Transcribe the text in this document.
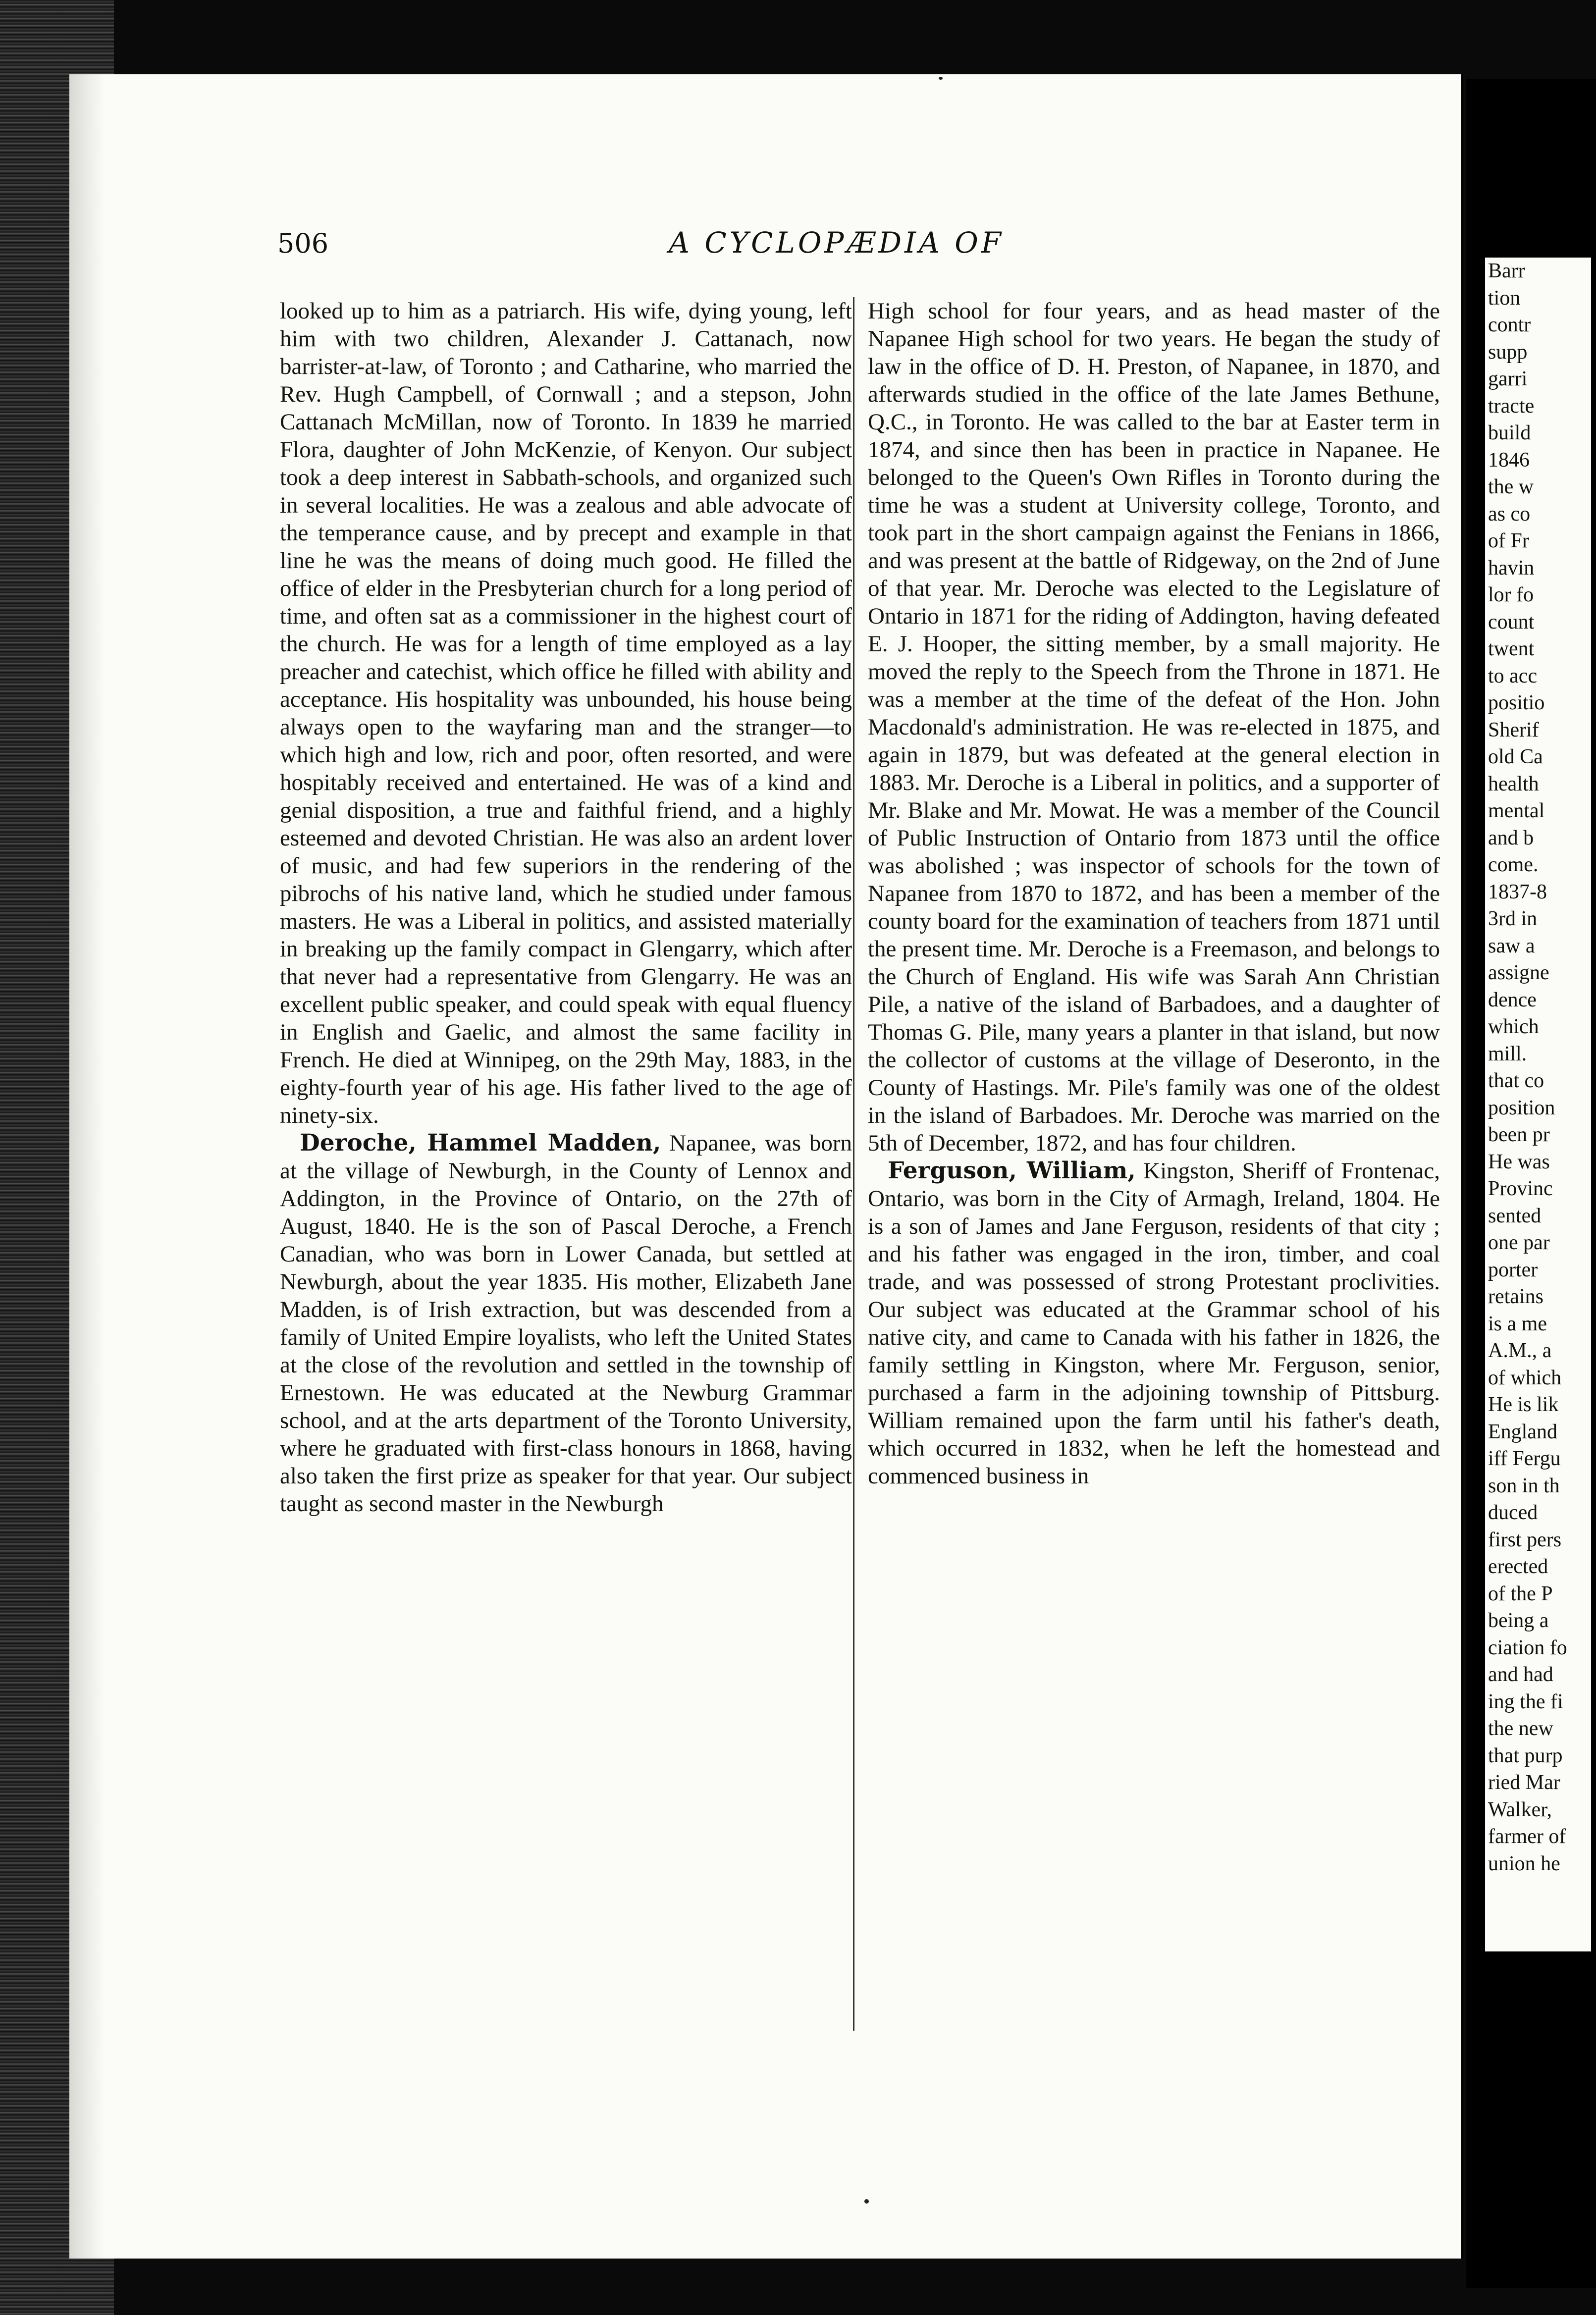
Barr
tion
contr
supp
garri
tracte
build
1846
the w
as co
of Fr
havin
lor fo
count
twent
to acc
positio
Sherif
old Ca
health
mental
and b
come.
1837-8
3rd in
saw a
assigne
dence
which
mill.
that co
position
been pr
He was
Provinc
sented
one par
porter
retains
is a me
A.M., a
of which
He is lik
England
iff Fergu
son in th
duced
first pers
erected
of the P
being a
ciation fo
and had
ing the fi
the new
that purp
ried Mar
Walker,
farmer of
union he
506	A CYCLOPÆDIA OF

looked up to him as a patriarch. His wife, dying young, left him with two children, Alexander J. Cattanach, now barrister-at-law, of Toronto ; and Catharine, who married the Rev. Hugh Campbell, of Cornwall ; and a stepson, John Cattanach McMillan, now of Toronto. In 1839 he married Flora, daughter of John McKenzie, of Kenyon. Our subject took a deep interest in Sabbath-schools, and organized such in several localities. He was a zealous and able advocate of the temperance cause, and by precept and example in that line he was the means of doing much good. He filled the office of elder in the Presbyterian church for a long period of time, and often sat as a commissioner in the highest court of the church. He was for a length of time employed as a lay preacher and catechist, which office he filled with ability and acceptance. His hospitality was unbounded, his house being always open to the wayfaring man and the stranger—to which high and low, rich and poor, often resorted, and were hospitably received and entertained. He was of a kind and genial disposition, a true and faithful friend, and a highly esteemed and devoted Christian. He was also an ardent lover of music, and had few superiors in the rendering of the pibrochs of his native land, which he studied under famous masters. He was a Liberal in politics, and assisted materially in breaking up the family compact in Glengarry, which after that never had a representative from Glengarry. He was an excellent public speaker, and could speak with equal fluency in English and Gaelic, and almost the same facility in French. He died at Winnipeg, on the 29th May, 1883, in the eighty-fourth year of his age. His father lived to the age of ninety-six.

Deroche, Hammel Madden, Napanee, was born at the village of Newburgh, in the County of Lennox and Addington, in the Province of Ontario, on the 27th of August, 1840. He is the son of Pascal Deroche, a French Canadian, who was born in Lower Canada, but settled at Newburgh, about the year 1835. His mother, Elizabeth Jane Madden, is of Irish extraction, but was descended from a family of United Empire loyalists, who left the United States at the close of the revolution and settled in the township of Ernestown. He was educated at the Newburg Grammar school, and at the arts department of the Toronto University, where he graduated with first-class honours in 1868, having also taken the first prize as speaker for that year. Our subject taught as second master in the Newburgh

High school for four years, and as head master of the Napanee High school for two years. He began the study of law in the office of D. H. Preston, of Napanee, in 1870, and afterwards studied in the office of the late James Bethune, Q.C., in Toronto. He was called to the bar at Easter term in 1874, and since then has been in practice in Napanee. He belonged to the Queen's Own Rifles in Toronto during the time he was a student at University college, Toronto, and took part in the short campaign against the Fenians in 1866, and was present at the battle of Ridgeway, on the 2nd of June of that year. Mr. Deroche was elected to the Legislature of Ontario in 1871 for the riding of Addington, having defeated E. J. Hooper, the sitting member, by a small majority. He moved the reply to the Speech from the Throne in 1871. He was a member at the time of the defeat of the Hon. John Macdonald's administration. He was re-elected in 1875, and again in 1879, but was defeated at the general election in 1883. Mr. Deroche is a Liberal in politics, and a supporter of Mr. Blake and Mr. Mowat. He was a member of the Council of Public Instruction of Ontario from 1873 until the office was abolished ; was inspector of schools for the town of Napanee from 1870 to 1872, and has been a member of the county board for the examination of teachers from 1871 until the present time. Mr. Deroche is a Freemason, and belongs to the Church of England. His wife was Sarah Ann Christian Pile, a native of the island of Barbadoes, and a daughter of Thomas G. Pile, many years a planter in that island, but now the collector of customs at the village of Deseronto, in the County of Hastings. Mr. Pile's family was one of the oldest in the island of Barbadoes. Mr. Deroche was married on the 5th of December, 1872, and has four children.

Ferguson, William, Kingston, Sheriff of Frontenac, Ontario, was born in the City of Armagh, Ireland, 1804. He is a son of James and Jane Ferguson, residents of that city ; and his father was engaged in the iron, timber, and coal trade, and was possessed of strong Protestant proclivities. Our subject was educated at the Grammar school of his native city, and came to Canada with his father in 1826, the family settling in Kingston, where Mr. Ferguson, senior, purchased a farm in the adjoining township of Pittsburg. William remained upon the farm until his father's death, which occurred in 1832, when he left the homestead and commenced business in
